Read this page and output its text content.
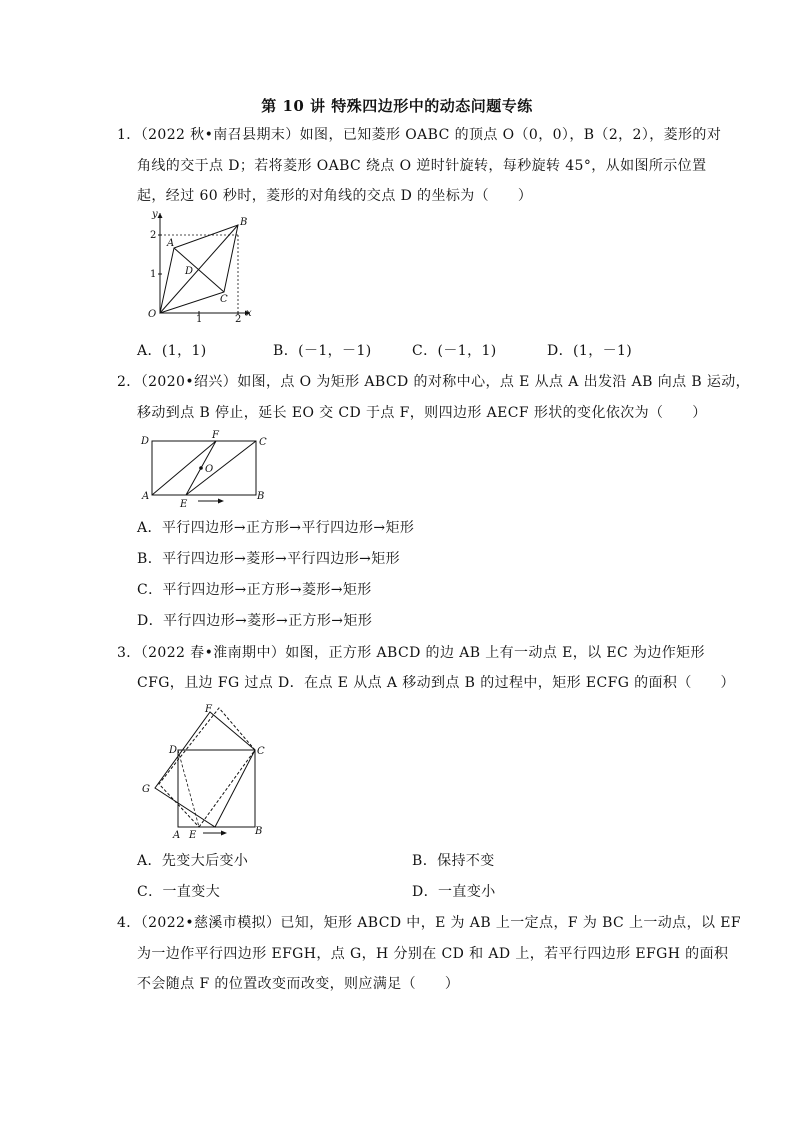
第 10 讲 特殊四边形中的动态问题专练
1．（2022 秋•南召县期末）如图，已知菱形 OABC 的顶点 O（0，0），B（2，2），菱形的对
角线的交于点 D；若将菱形 OABC 绕点 O 逆时针旋转，每秒旋转 45°，从如图所示位置
起，经过 60 秒时，菱形的对角线的交点 D 的坐标为（　　）
y
x
O	1	2
1
2
A
B
C
D
A．(1，1)	B．(－1，－1)	C．(－1，1)	D．(1，－1)
2．（2020•绍兴）如图，点 O 为矩形 ABCD 的对称中心，点 E 从点 A 出发沿 AB 向点 B 运动，
移动到点 B 停止，延长 EO 交 CD 于点 F，则四边形 AECF 形状的变化依次为（　　）
D	C
A	B
E
F
O
A．平行四边形→正方形→平行四边形→矩形
B．平行四边形→菱形→平行四边形→矩形
C．平行四边形→正方形→菱形→矩形
D．平行四边形→菱形→正方形→矩形
3．（2022 春•淮南期中）如图，正方形 ABCD 的边 AB 上有一动点 E，以 EC 为边作矩形
CFG，且边 FG 过点 D．在点 E 从点 A 移动到点 B 的过程中，矩形 ECFG 的面积（　　）
D	C
F
G
A E	B
A．先变大后变小	B．保持不变
C．一直变大	D．一直变小
4．（2022•慈溪市模拟）已知，矩形 ABCD 中，E 为 AB 上一定点，F 为 BC 上一动点，以 EF
为一边作平行四边形 EFGH，点 G，H 分别在 CD 和 AD 上，若平行四边形 EFGH 的面积
不会随点 F 的位置改变而改变，则应满足（　　）
